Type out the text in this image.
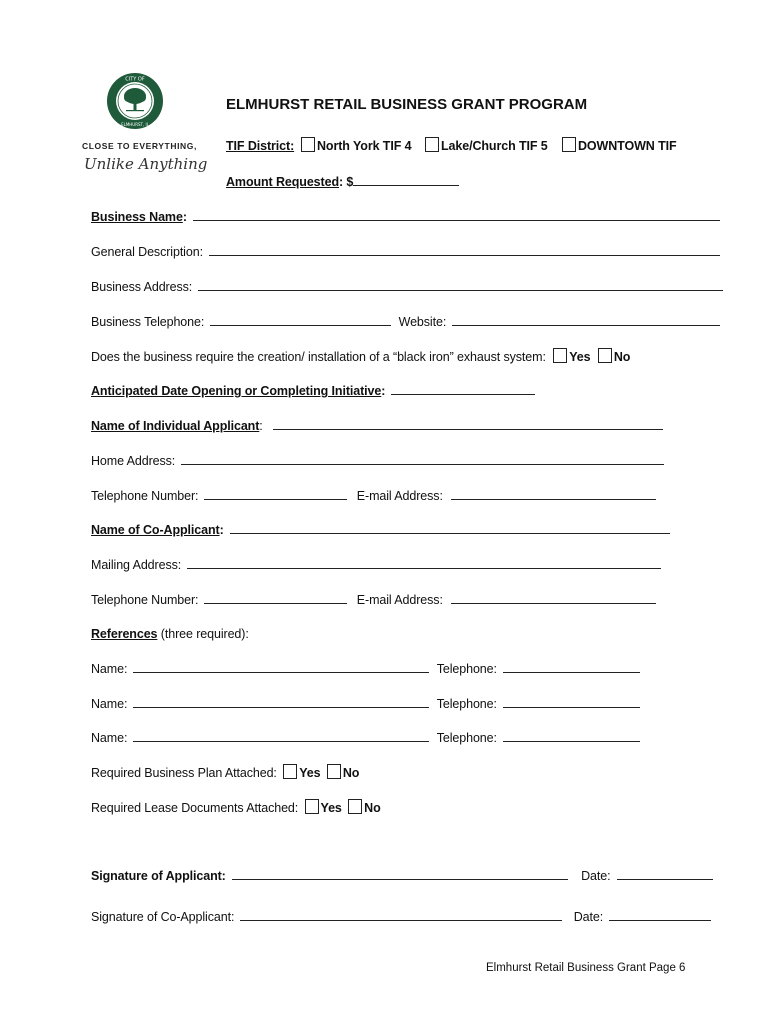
CITY OF
ELMHURST, IL
CLOSE TO EVERYTHING,
Unlike Anything
ELMHURST RETAIL BUSINESS GRANT PROGRAM
TIF District:	North York TIF 4	Lake/Church TIF 5	DOWNTOWN TIF
Amount Requested: $
Business Name:
General Description:
Business Address:
Business Telephone:	Website:
Does the business require the creation/ installation of a “black iron” exhaust system: Yes No
Anticipated Date Opening or Completing Initiative:
Name of Individual Applicant:
Home Address:
Telephone Number:	E-mail Address:
Name of Co-Applicant:
Mailing Address:
Telephone Number:	E-mail Address:
References (three required):
Name:	Telephone:
Name:	Telephone:
Name:	Telephone:
Required Business Plan Attached: Yes No
Required Lease Documents Attached: Yes No
Signature of Applicant:	Date:
Signature of Co-Applicant:	Date:
Elmhurst Retail Business Grant Page 6
